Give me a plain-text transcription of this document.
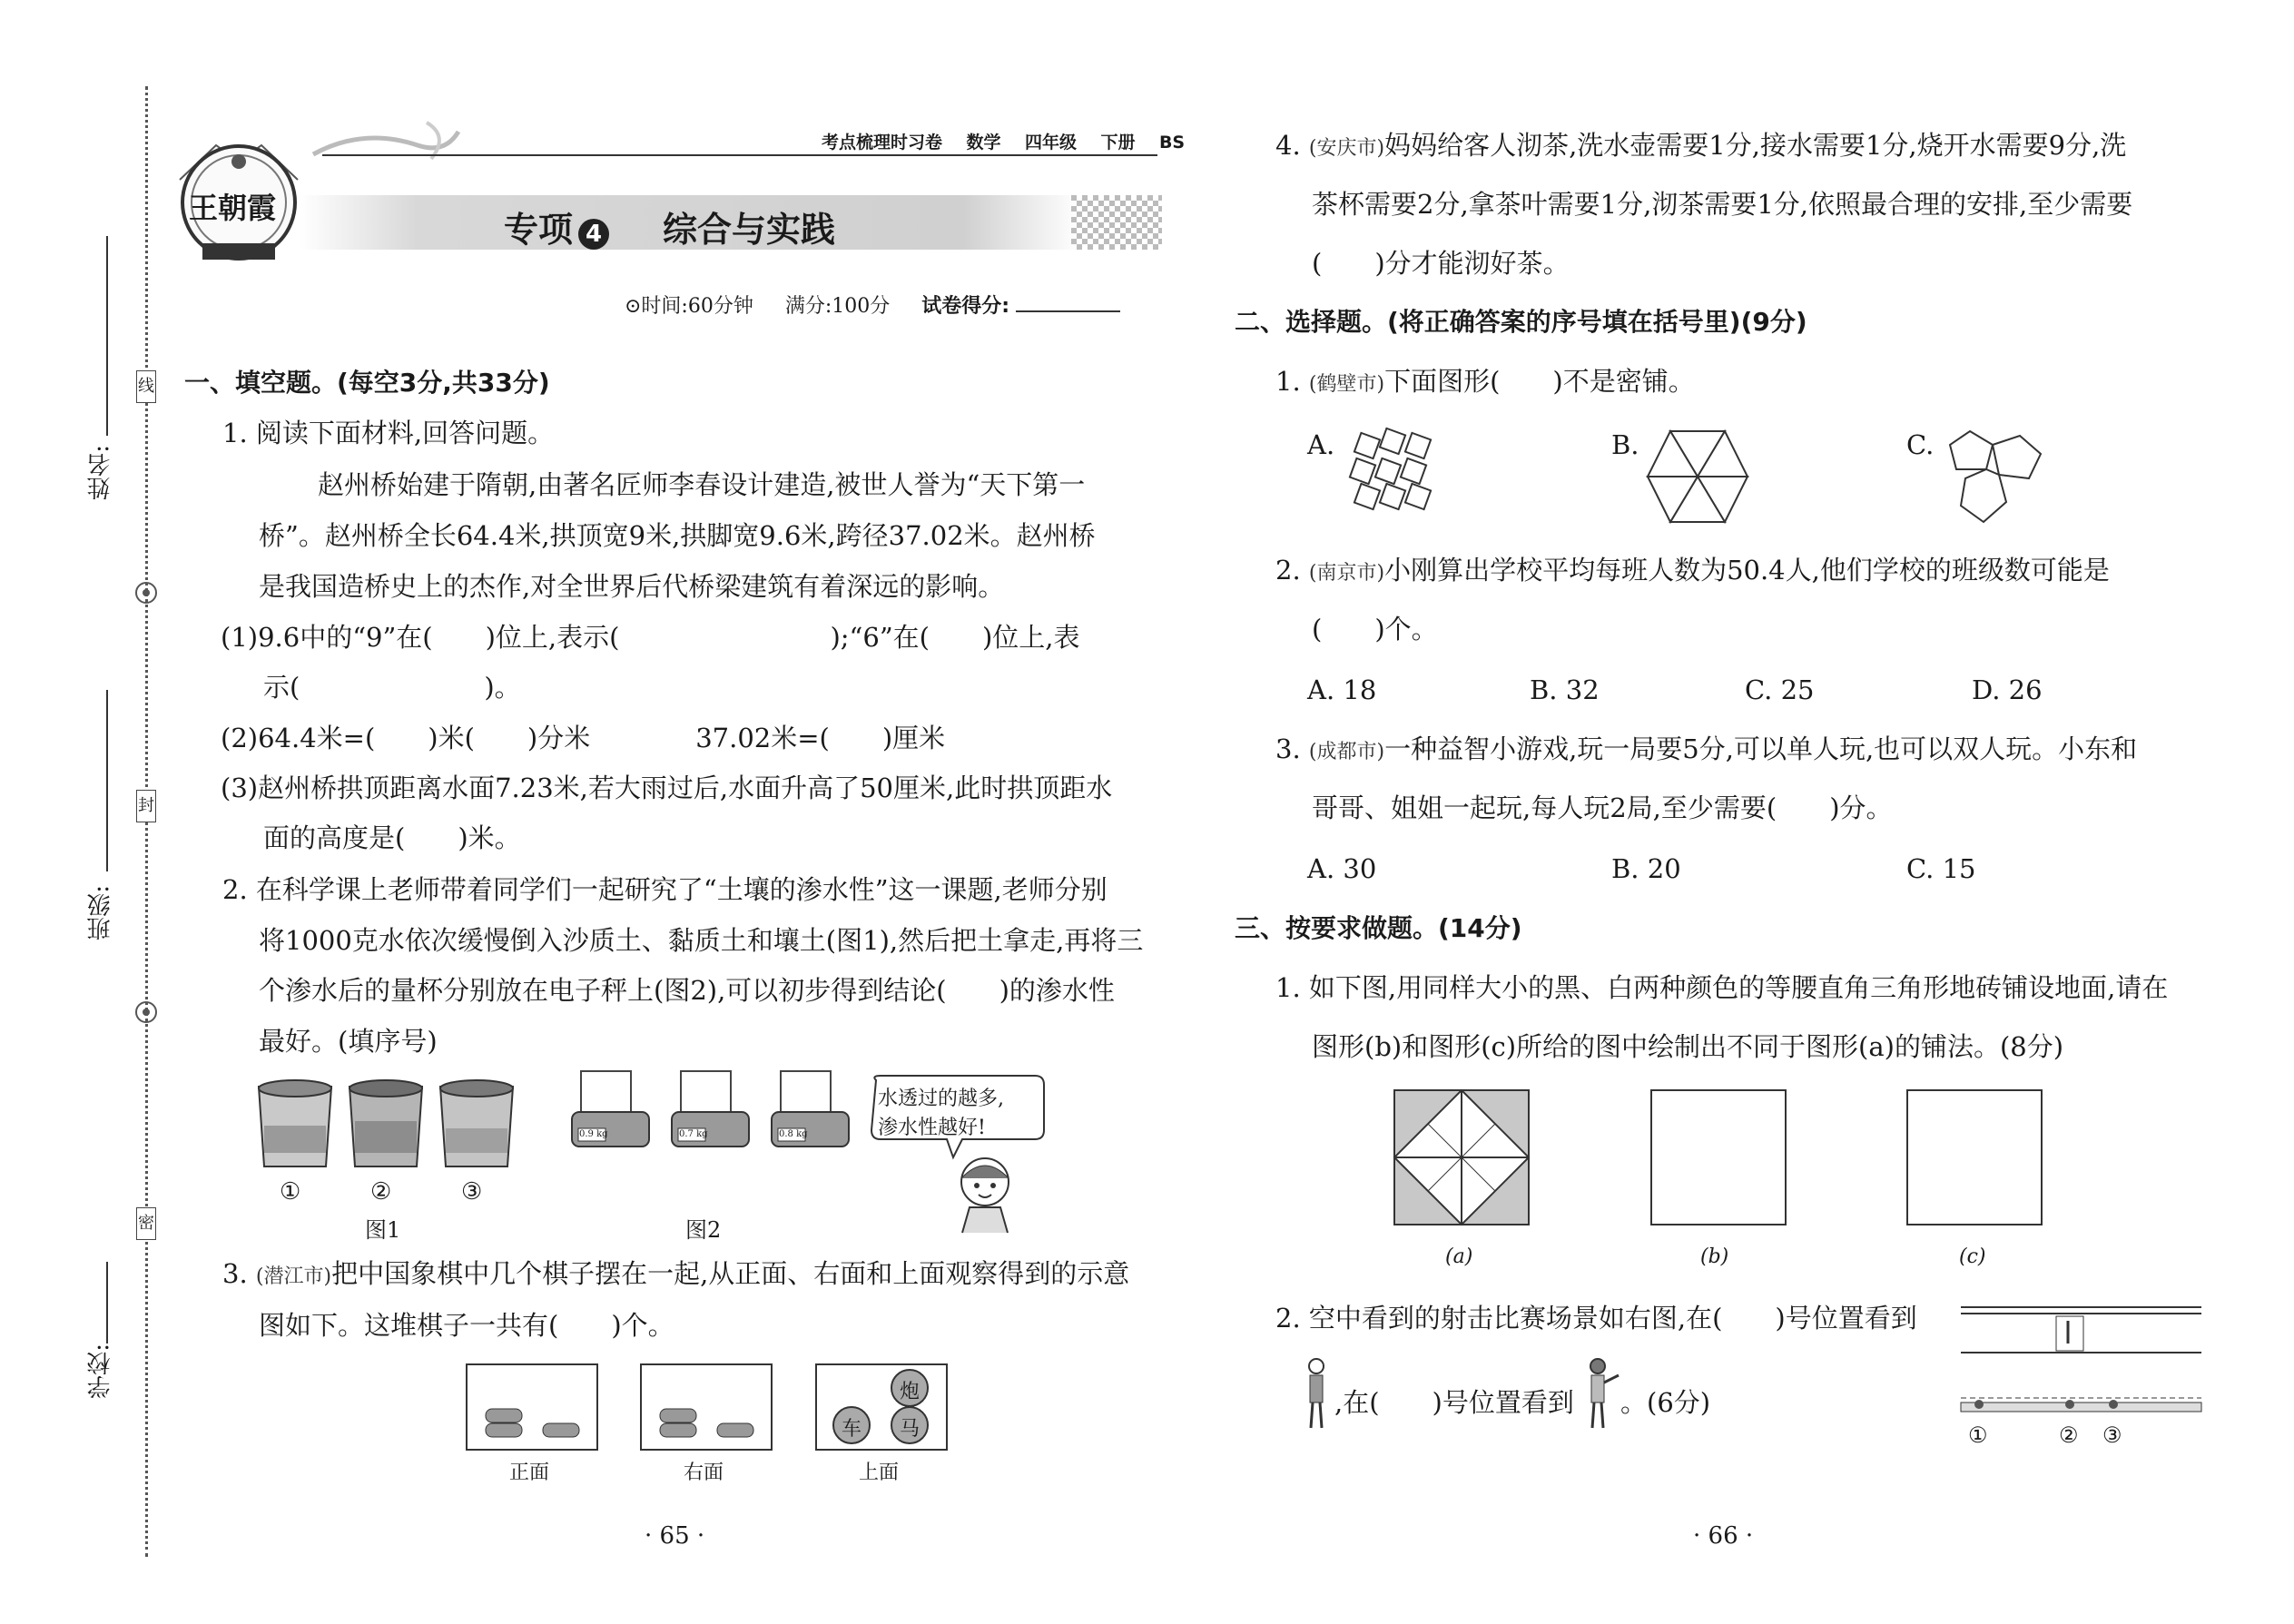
姓名:
班级:
学校:
线
封
密
王朝霞
考点梳理时习卷 数学 四年级 下册 BS
专项 4 综合与实践
⊙时间:60分钟 满分:100分 试卷得分:
一、填空题。(每空3分,共33分)
1. 阅读下面材料,回答问题。
赵州桥始建于隋朝,由著名匠师李春设计建造,被世人誉为“天下第一
桥”。赵州桥全长64.4米,拱顶宽9米,拱脚宽9.6米,跨径37.02米。赵州桥
是我国造桥史上的杰作,对全世界后代桥梁建筑有着深远的影响。
(1)9.6中的“9”在(　　)位上,表示(　　　　　　　　);“6”在(　　)位上,表
示(　　　　　　　)。
(2)64.4米=(　　)米(　　)分米　　　　37.02米=(　　)厘米
(3)赵州桥拱顶距离水面7.23米,若大雨过后,水面升高了50厘米,此时拱顶距水
面的高度是(　　)米。
2. 在科学课上老师带着同学们一起研究了“土壤的渗水性”这一课题,老师分别
将1000克水依次缓慢倒入沙质土、黏质土和壤土(图1),然后把土拿走,再将三
个渗水后的量杯分别放在电子秤上(图2),可以初步得到结论(　　)的渗水性
最好。(填序号)
①	②	③
图1
0.9 kg	0.7 kg	0.8 kg
图2
水透过的越多,
渗水性越好!
3. (潜江市)把中国象棋中几个棋子摆在一起,从正面、右面和上面观察得到的示意
图如下。这堆棋子一共有(　　)个。
正面	右面
炮
车 马
上面
· 65 ·
4. (安庆市)妈妈给客人沏茶,洗水壶需要1分,接水需要1分,烧开水需要9分,洗
茶杯需要2分,拿茶叶需要1分,沏茶需要1分,依照最合理的安排,至少需要
(　　)分才能沏好茶。
二、选择题。(将正确答案的序号填在括号里)(9分)
1. (鹤壁市)下面图形(　　)不是密铺。
A.	B.	C.
2. (南京市)小刚算出学校平均每班人数为50.4人,他们学校的班级数可能是
(　　)个。
A. 18	B. 32	C. 25	D. 26
3. (成都市)一种益智小游戏,玩一局要5分,可以单人玩,也可以双人玩。小东和
哥哥、姐姐一起玩,每人玩2局,至少需要(　　)分。
A. 30	B. 20	C. 15
三、按要求做题。(14分)
1. 如下图,用同样大小的黑、白两种颜色的等腰直角三角形地砖铺设地面,请在
图形(b)和图形(c)所给的图中绘制出不同于图形(a)的铺法。(8分)
(a)	(b)	(c)
2. 空中看到的射击比赛场景如右图,在(　　)号位置看到
,在(　　)号位置看到 。(6分)
①	② ③
· 66 ·
